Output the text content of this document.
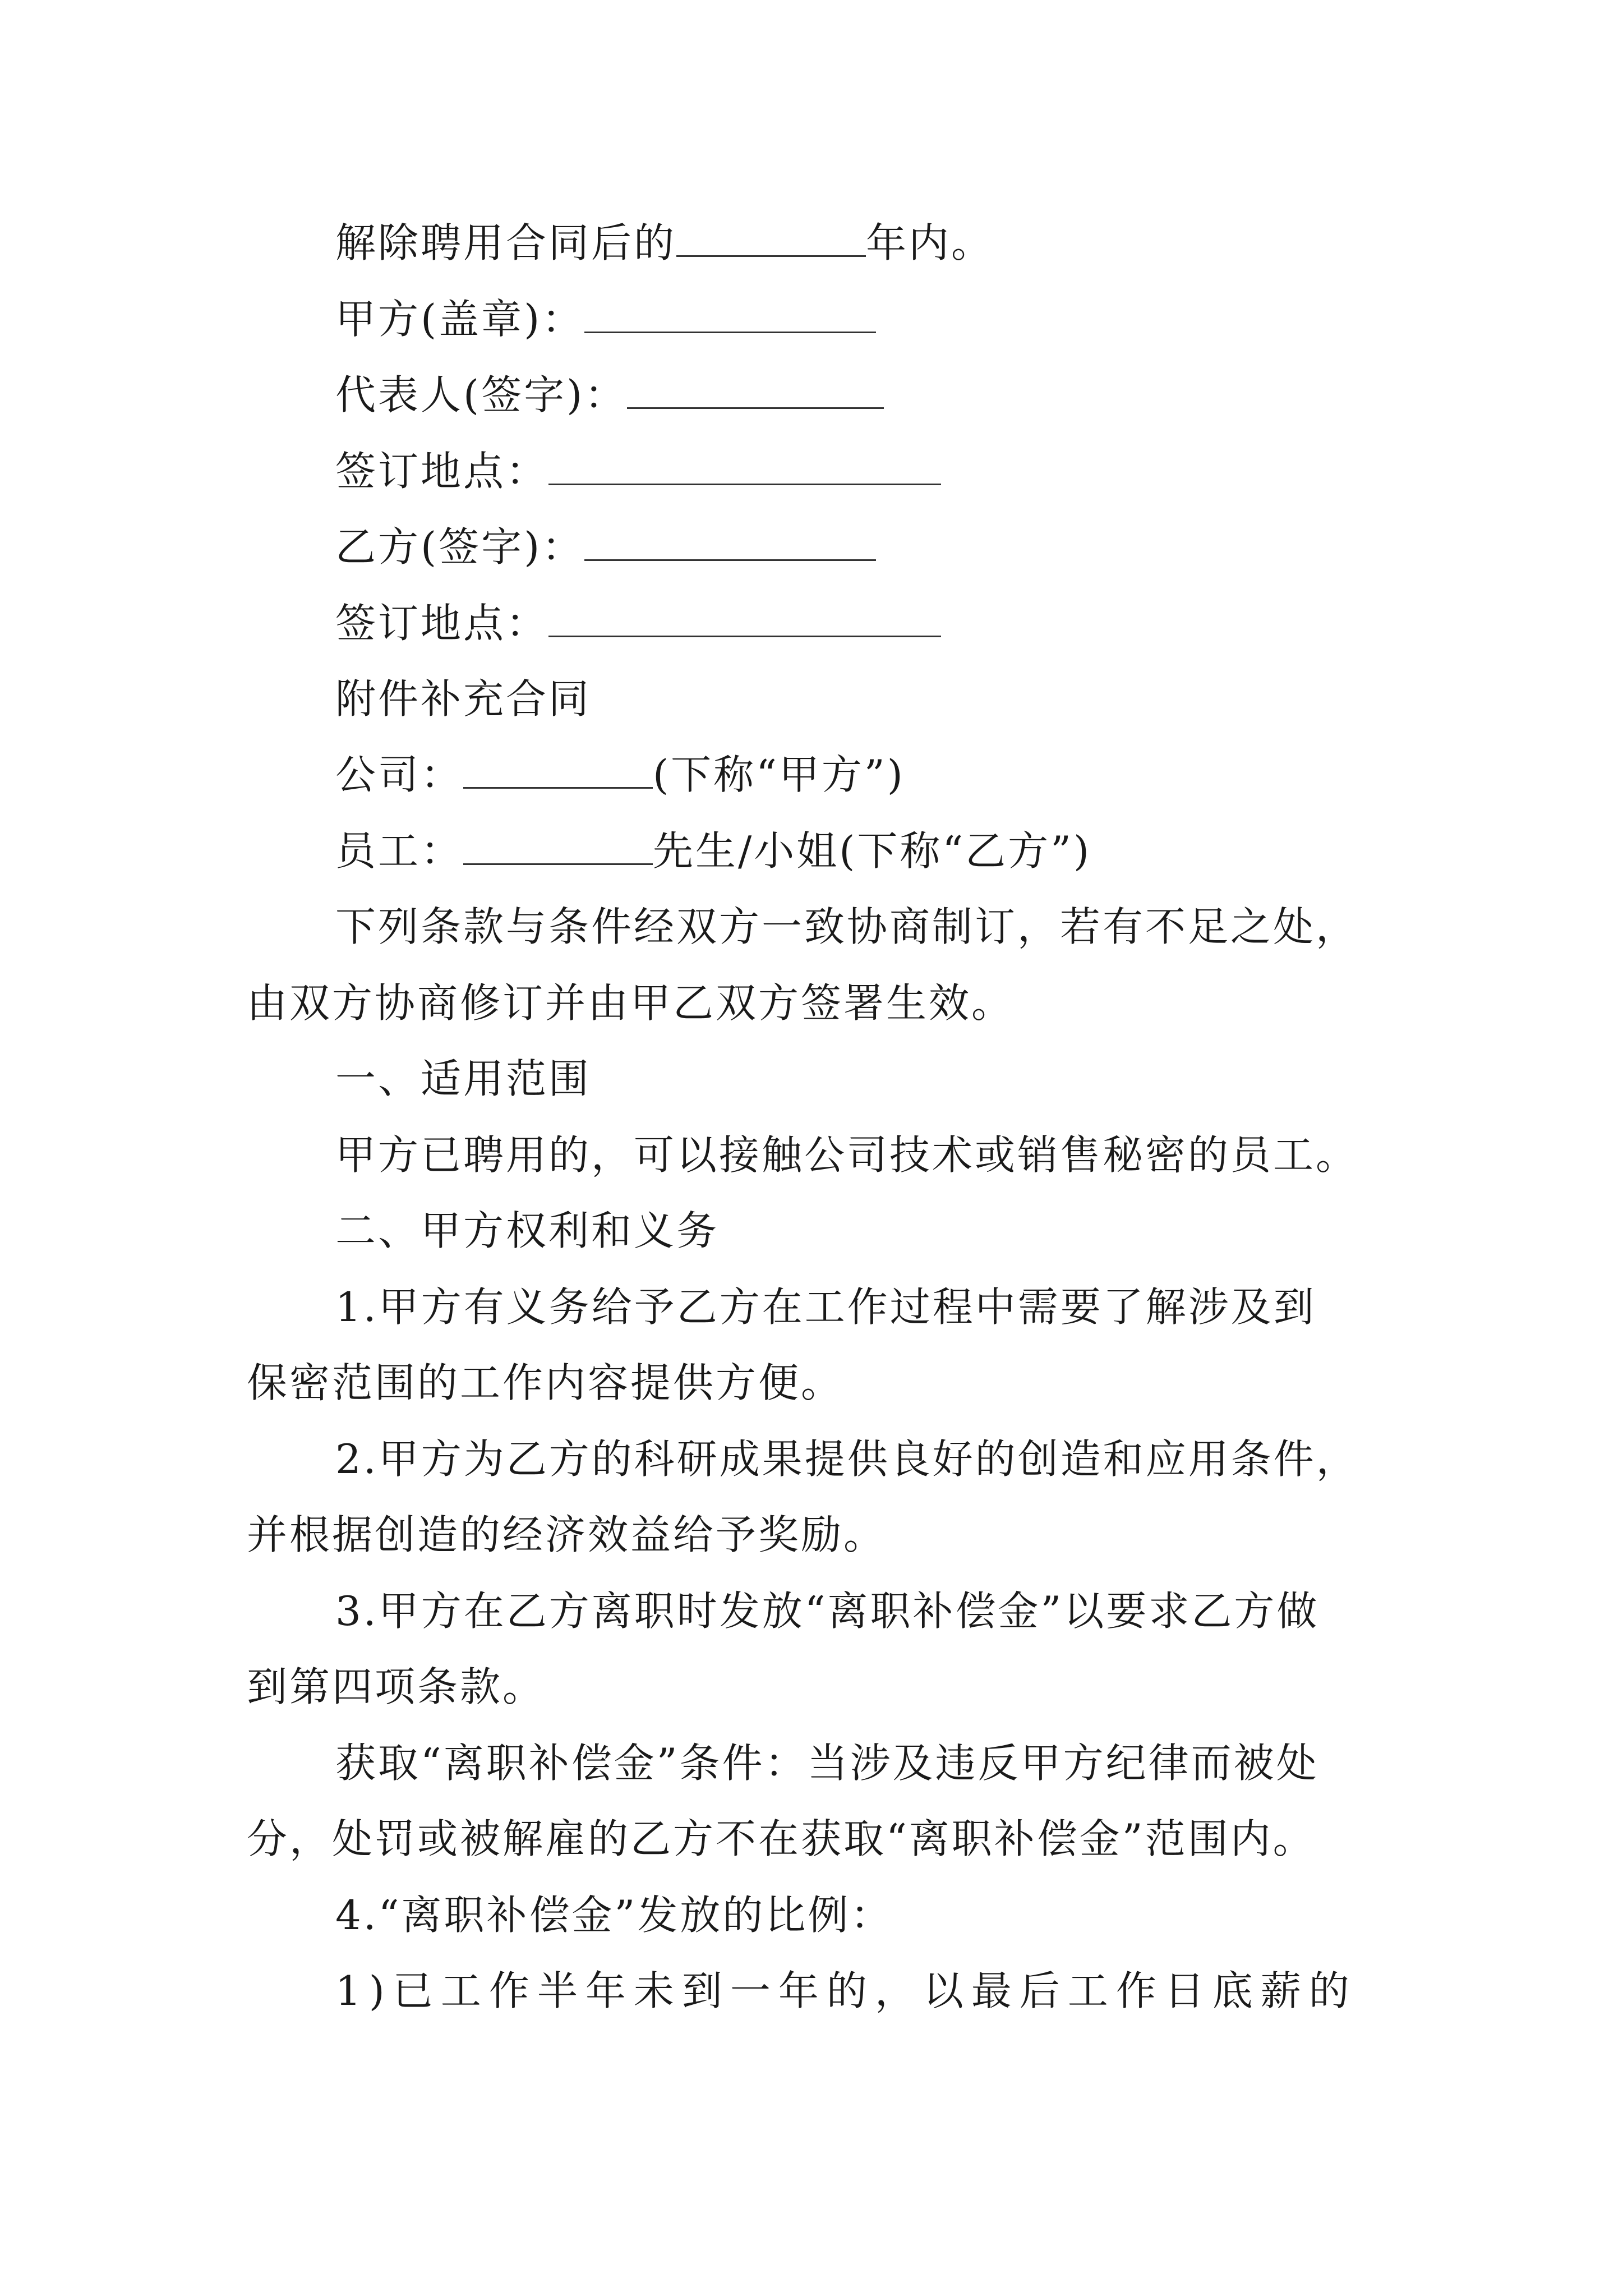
解除聘用合同后的	年内。
甲方(盖章)：
代表人(签字)：
签订地点：
乙方(签字)：
签订地点：
附件补充合同
公司：	(下称“甲方”)
员工：	先生/小姐(下称“乙方”)
下列条款与条件经双方一致协商制订，若有不足之处，
由双方协商修订并由甲乙双方签署生效。
一、适用范围
甲方已聘用的，可以接触公司技术或销售秘密的员工。
二、甲方权利和义务
1.甲方有义务给予乙方在工作过程中需要了解涉及到
保密范围的工作内容提供方便。
2.甲方为乙方的科研成果提供良好的创造和应用条件，
并根据创造的经济效益给予奖励。
3.甲方在乙方离职时发放“离职补偿金”以要求乙方做
到第四项条款。
获取“离职补偿金”条件：当涉及违反甲方纪律而被处
分，处罚或被解雇的乙方不在获取“离职补偿金”范围内。
4.“离职补偿金”发放的比例：
1)已工作半年未到一年的，以最后工作日底薪的
